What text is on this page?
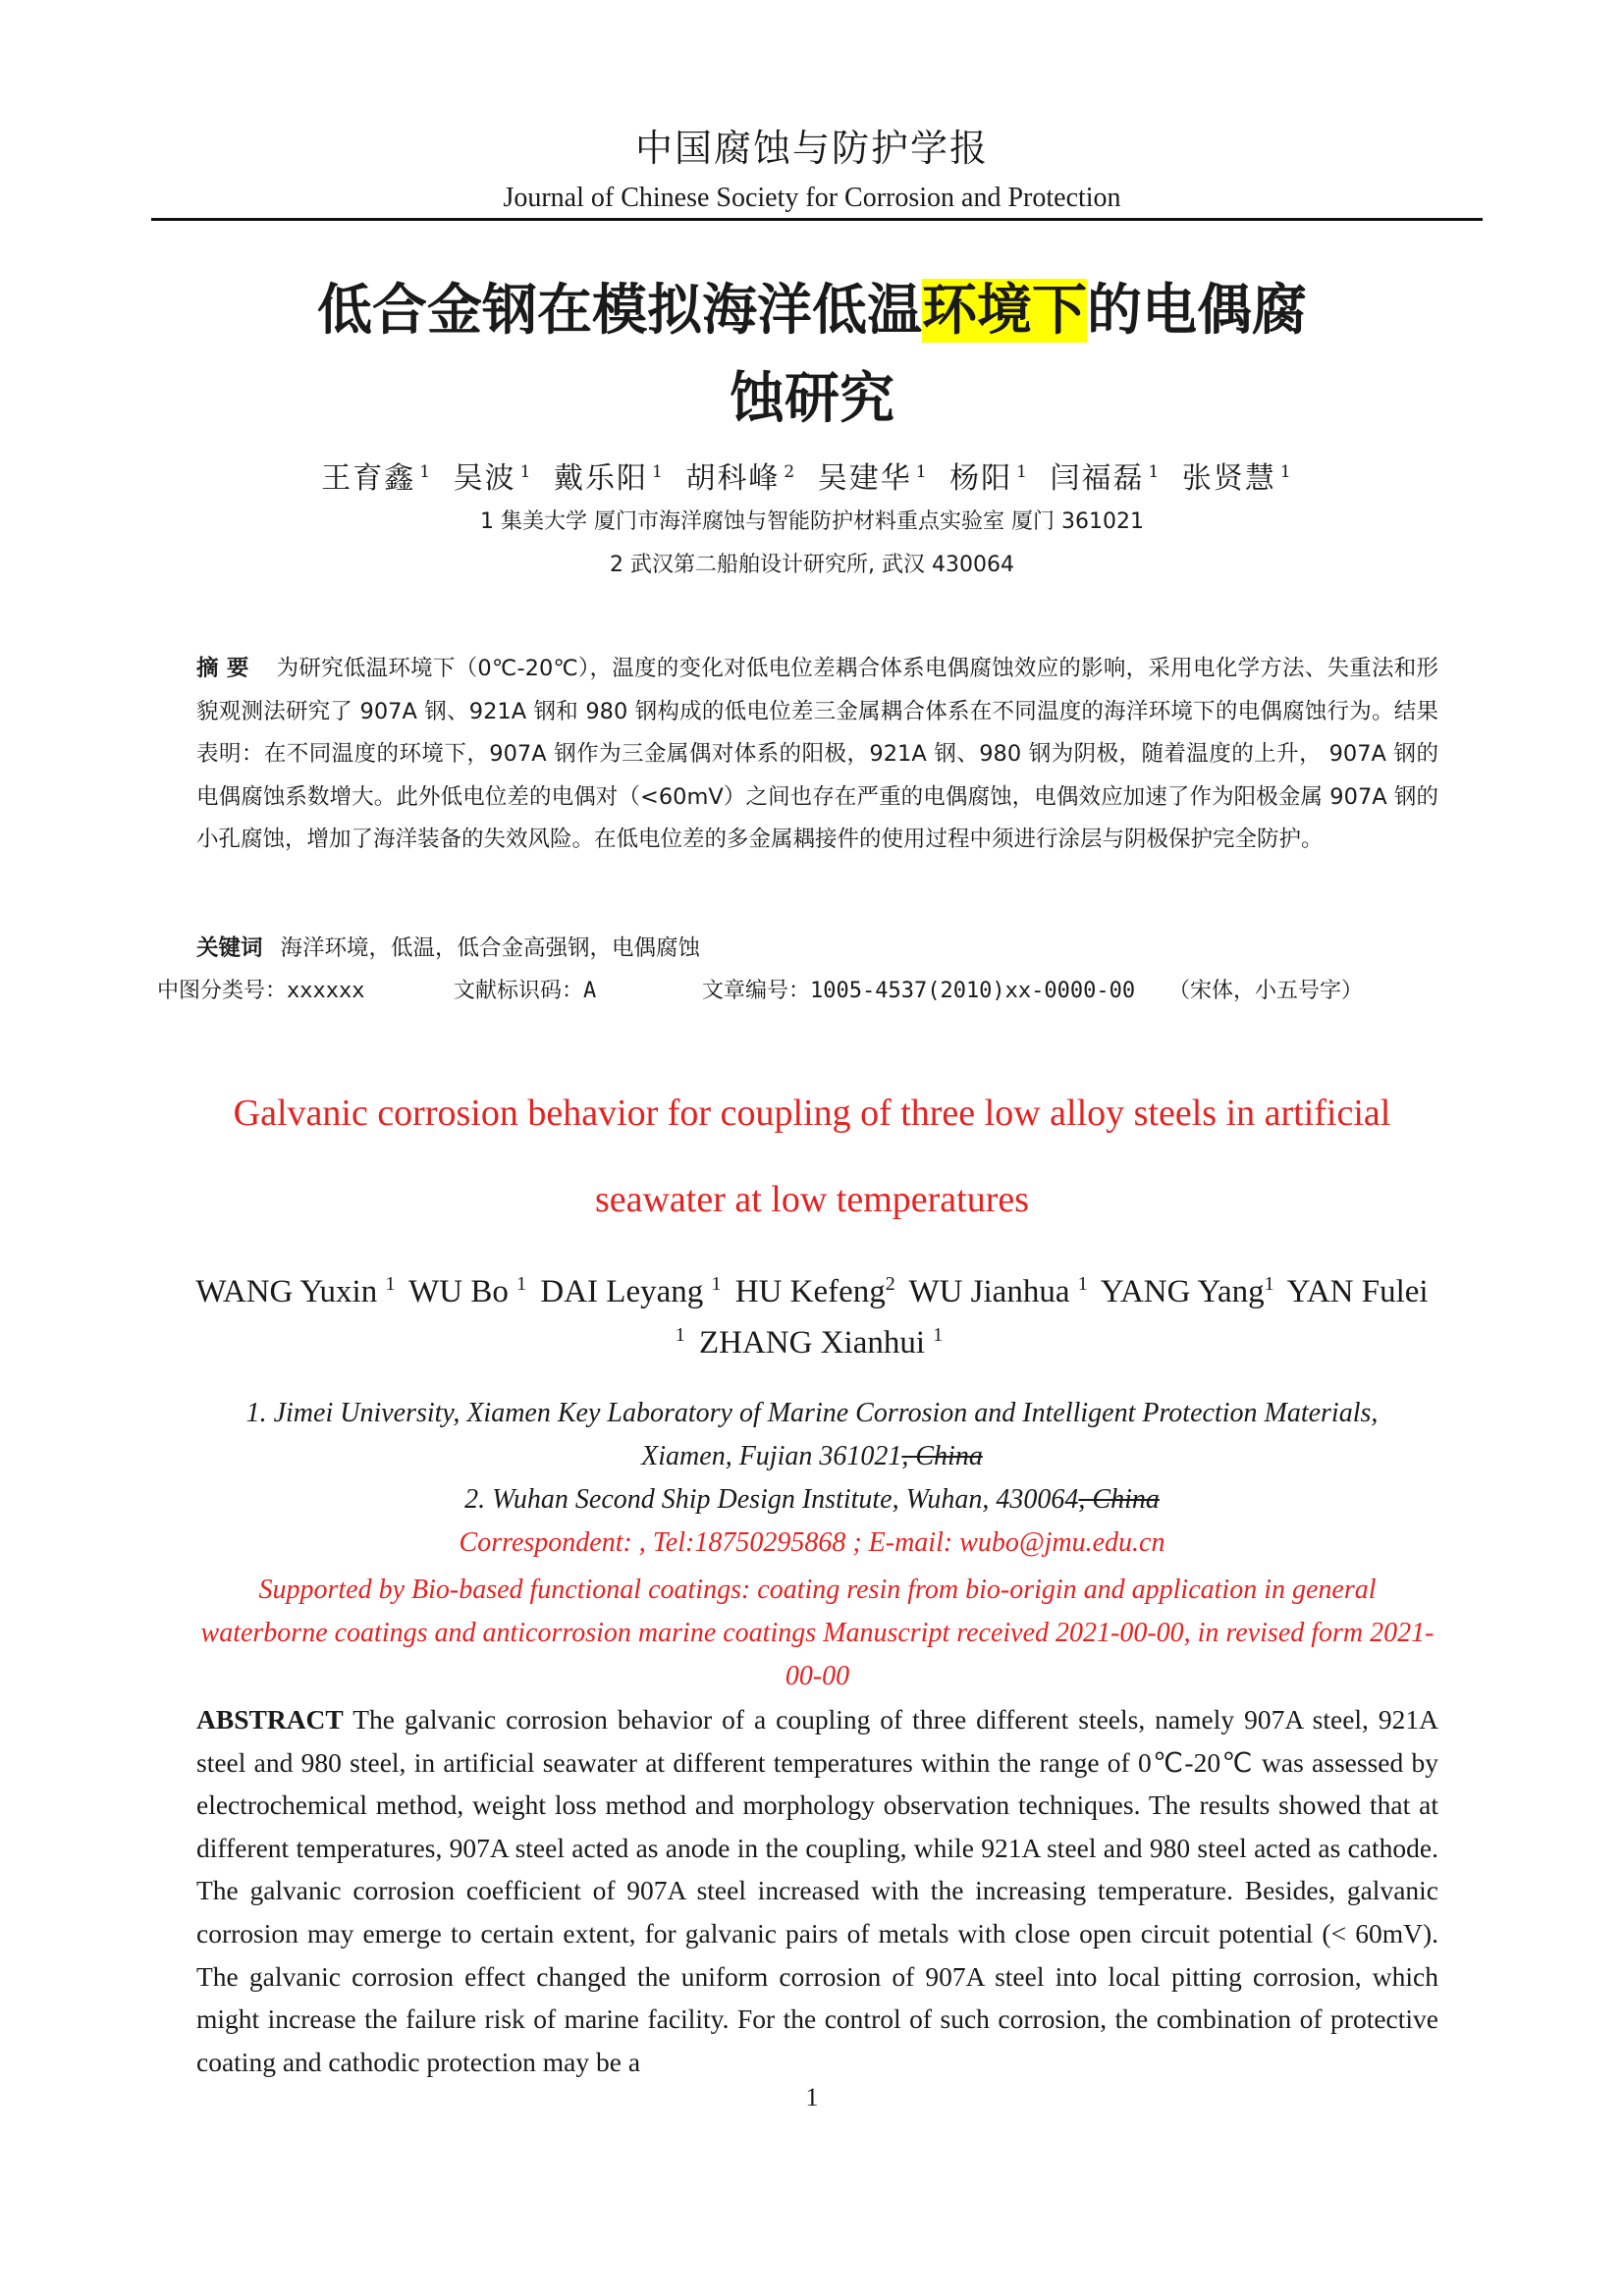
中国腐蚀与防护学报
Journal of Chinese Society for Corrosion and Protection
低合金钢在模拟海洋低温环境下的电偶腐
蚀研究
王育鑫 $^1$ 吴波 $^1$ 戴乐阳 $^1$ 胡科峰 $^2$ 吴建华 $^1$ 杨阳 $^1$ 闫福磊 $^1$ 张贤慧 $^1$
1 集美大学 厦门市海洋腐蚀与智能防护材料重点实验室 厦门 361021
2 武汉第二船舶设计研究所, 武汉 430064
摘 要 为研究低温环境下（0℃-20℃），温度的变化对低电位差耦合体系电偶腐蚀效应的影响，采用电化学方法、失重法和形貌观测法研究了 907A 钢、921A 钢和 980 钢构成的低电位差三金属耦合体系在不同温度的海洋环境下的电偶腐蚀行为。结果表明：在不同温度的环境下，907A 钢作为三金属偶对体系的阳极，921A 钢、980 钢为阴极，随着温度的上升， 907A 钢的电偶腐蚀系数增大。此外低电位差的电偶对（<60mV）之间也存在严重的电偶腐蚀，电偶效应加速了作为阳极金属 907A 钢的小孔腐蚀，增加了海洋装备的失效风险。在低电位差的多金属耦接件的使用过程中须进行涂层与阴极保护完全防护。
关键词 海洋环境，低温，低合金高强钢，电偶腐蚀
中图分类号：xxxxxx	文献标识码：A	文章编号：1005-4537(2010)xx-0000-00 （宋体，小五号字）
Galvanic corrosion behavior for coupling of three low alloy steels in artificial
seawater at low temperatures
WANG Yuxin $^1$ WU Bo $^1$ DAI Leyang $^1$ HU Kefeng$^2$ WU Jianhua $^1$ YANG Yang$^1$ YAN Fulei
$^1$ ZHANG Xianhui $^1$
1. Jimei University, Xiamen Key Laboratory of Marine Corrosion and Intelligent Protection Materials,
Xiamen, Fujian 361021, China
2. Wuhan Second Ship Design Institute, Wuhan, 430064, China
Correspondent: , Tel:18750295868 ; E-mail: wubo@jmu.edu.cn
Supported by Bio-based functional coatings: coating resin from bio-origin and application in general waterborne coatings and anticorrosion marine coatings Manuscript received 2021-00-00, in revised form 2021-00-00
ABSTRACT The galvanic corrosion behavior of a coupling of three different steels, namely 907A steel, 921A steel and 980 steel, in artificial seawater at different temperatures within the range of 0℃-20℃ was assessed by electrochemical method, weight loss method and morphology observation techniques. The results showed that at different temperatures, 907A steel acted as anode in the coupling, while 921A steel and 980 steel acted as cathode. The galvanic corrosion coefficient of 907A steel increased with the increasing temperature. Besides, galvanic corrosion may emerge to certain extent, for galvanic pairs of metals with close open circuit potential (< 60mV). The galvanic corrosion effect changed the uniform corrosion of 907A steel into local pitting corrosion, which might increase the failure risk of marine facility. For the control of such corrosion, the combination of protective coating and cathodic protection may be a
1
